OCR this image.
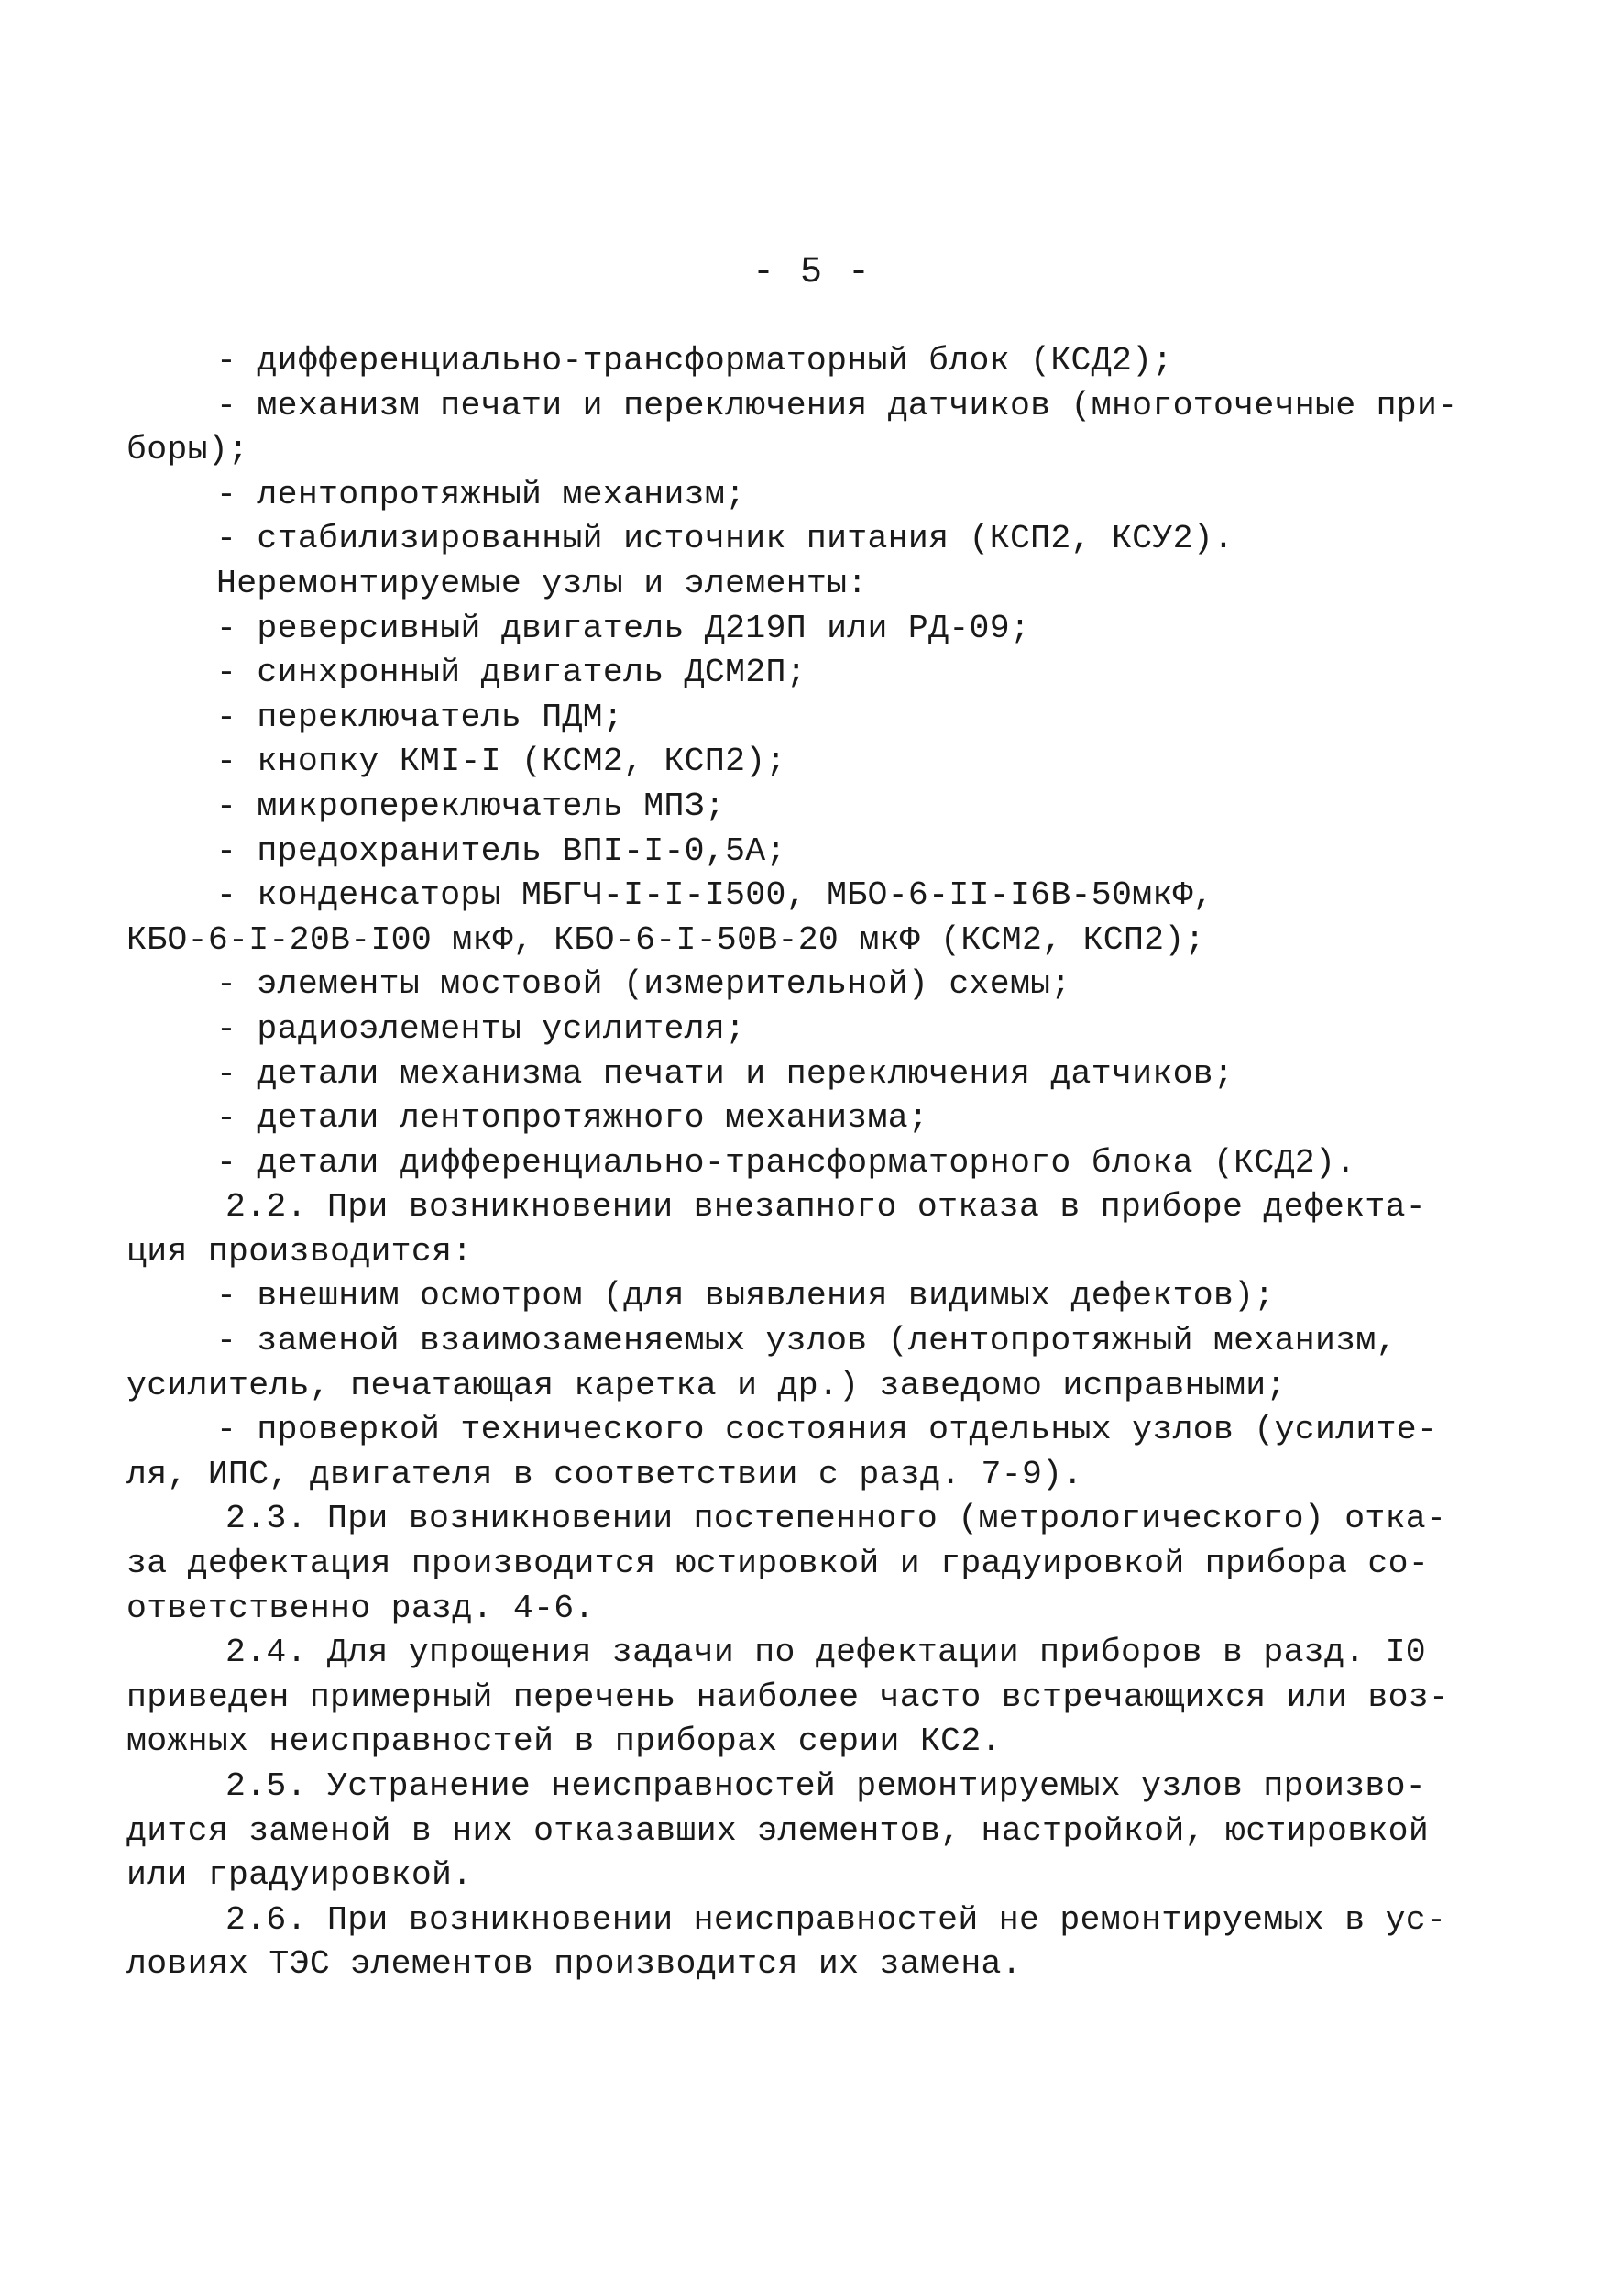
- 5 -
- дифференциально-трансформаторный блок (КСД2);
- механизм печати и переключения датчиков (многоточечные при-
боры);
- лентопротяжный механизм;
- стабилизированный источник питания (КСП2, КСУ2).
Неремонтируемые узлы и элементы:
- реверсивный двигатель Д219П или РД-09;
- синхронный двигатель ДСМ2П;
- переключатель ПДМ;
- кнопку КМI-I (КСМ2, КСП2);
- микропереключатель МПЗ;
- предохранитель ВПI-I-0,5А;
- конденсаторы МБГЧ-I-I-I500, МБО-6-II-I6В-50мкФ,
КБО-6-I-20В-I00 мкФ, КБО-6-I-50В-20 мкФ (КСМ2, КСП2);
- элементы мостовой (измерительной) схемы;
- радиоэлементы усилителя;
- детали механизма печати и переключения датчиков;
- детали лентопротяжного механизма;
- детали дифференциально-трансформаторного блока (КСД2).
2.2. При возникновении внезапного отказа в приборе дефекта-
ция производится:
- внешним осмотром (для выявления видимых дефектов);
- заменой взаимозаменяемых узлов (лентопротяжный механизм,
усилитель, печатающая каретка и др.) заведомо исправными;
- проверкой технического состояния отдельных узлов (усилите-
ля, ИПС, двигателя в соответствии с разд. 7-9).
2.3. При возникновении постепенного (метрологического) отка-
за дефектация производится юстировкой и градуировкой прибора со-
ответственно разд. 4-6.
2.4. Для упрощения задачи по дефектации приборов в разд. I0
приведен примерный перечень наиболее часто встречающихся или воз-
можных неисправностей в приборах серии КС2.
2.5. Устранение неисправностей ремонтируемых узлов произво-
дится заменой в них отказавших элементов, настройкой, юстировкой
или градуировкой.
2.6. При возникновении неисправностей не ремонтируемых в ус-
ловиях ТЭС элементов производится их замена.
